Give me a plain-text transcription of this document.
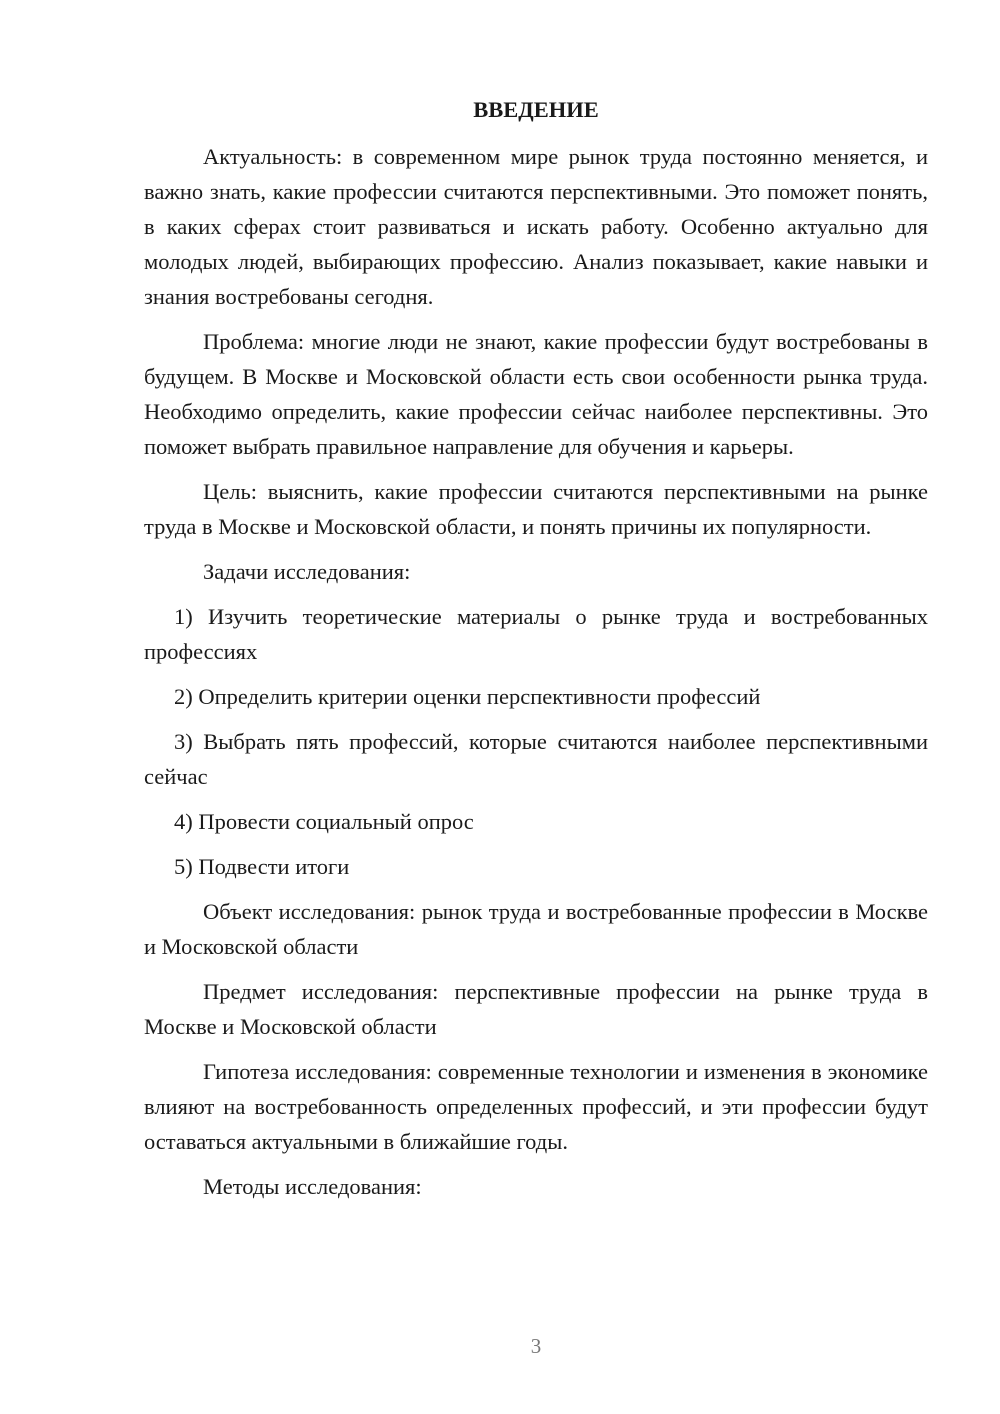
ВВЕДЕНИЕ

Актуальность: в современном мире рынок труда постоянно меняется, и важно знать, какие профессии считаются перспективными. Это поможет понять, в каких сферах стоит развиваться и искать работу. Особенно актуально для молодых людей, выбирающих профессию. Анализ показывает, какие навыки и знания востребованы сегодня.

Проблема: многие люди не знают, какие профессии будут востребованы в будущем. В Москве и Московской области есть свои особенности рынка труда. Необходимо определить, какие профессии сейчас наиболее перспективны. Это поможет выбрать правильное направление для обучения и карьеры.

Цель: выяснить, какие профессии считаются перспективными на рынке труда в Москве и Московской области, и понять причины их популярности.

Задачи исследования:

1) Изучить теоретические материалы о рынке труда и востребованных профессиях

2) Определить критерии оценки перспективности профессий

3) Выбрать пять профессий, которые считаются наиболее перспективными сейчас

4) Провести социальный опрос

5) Подвести итоги

Объект исследования: рынок труда и востребованные профессии в Москве и Московской области

Предмет исследования: перспективные профессии на рынке труда в Москве и Московской области

Гипотеза исследования: современные технологии и изменения в экономике влияют на востребованность определенных профессий, и эти профессии будут оставаться актуальными в ближайшие годы.

Методы исследования:

3
